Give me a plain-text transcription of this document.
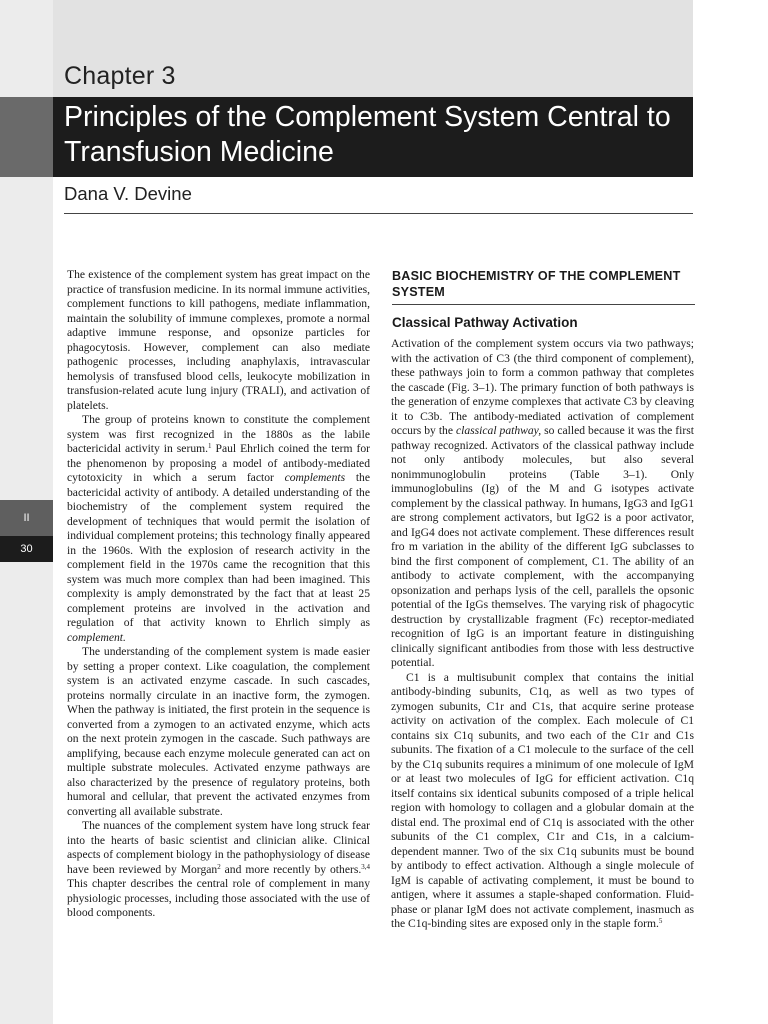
Chapter 3
Principles of the Complement System Central to Transfusion Medicine
Dana V. Devine
II
30

The existence of the complement system has great impact on the practice of transfusion medicine. In its normal immune activities, complement functions to kill pathogens, mediate inflammation, maintain the solubility of immune complexes, promote a normal adaptive immune response, and opsonize particles for phagocytosis. However, complement can also mediate pathogenic processes, including anaphylaxis, intravascular hemolysis of transfused blood cells, leukocyte mobilization in transfusion-related acute lung injury (TRALI), and activation of platelets.

The group of proteins known to constitute the complement system was first recognized in the 1880s as the labile bactericidal activity in serum.$^1$ Paul Ehrlich coined the term for the phenomenon by proposing a model of antibody-mediated cytotoxicity in which a serum factor complements the bactericidal activity of antibody. A detailed understanding of the biochemistry of the complement system required the development of techniques that would permit the isolation of individual complement proteins; this technology finally appeared in the 1960s. With the explosion of research activity in the complement field in the 1970s came the recognition that this system was much more complex than had been imagined. This complexity is amply demonstrated by the fact that at least 25 complement proteins are involved in the activation and regulation of that activity known to Ehrlich simply as complement.

The understanding of the complement system is made easier by setting a proper context. Like coagulation, the complement system is an activated enzyme cascade. In such cascades, proteins normally circulate in an inactive form, the zymogen. When the pathway is initiated, the first protein in the sequence is converted from a zymogen to an activated enzyme, which acts on the next protein zymogen in the cascade. Such pathways are amplifying, because each enzyme molecule generated can act on multiple substrate molecules. Activated enzyme pathways are also characterized by the presence of regulatory proteins, both humoral and cellular, that prevent the activated enzymes from converting all available substrate.

The nuances of the complement system have long struck fear into the hearts of basic scientist and clinician alike. Clinical aspects of complement biology in the pathophysiology of disease have been reviewed by Morgan$^2$ and more recently by others.$^{3,4}$ This chapter describes the central role of complement in many physiologic processes, including those associated with the use of blood components.

BASIC BIOCHEMISTRY OF THE COMPLEMENT SYSTEM
Classical Pathway Activation

Activation of the complement system occurs via two pathways; with the activation of C3 (the third component of complement), these pathways join to form a common pathway that completes the cascade (Fig. 3–1). The primary function of both pathways is the generation of enzyme complexes that activate C3 by cleaving it to C3b. The antibody-mediated activation of complement occurs by the classical pathway, so called because it was the first pathway recognized. Activators of the classical pathway include not only antibody molecules, but also several nonimmunoglobulin proteins (Table 3–1). Only immunoglobulins (Ig) of the M and G isotypes activate complement by the classical pathway. In humans, IgG3 and IgG1 are strong complement activators, but IgG2 is a poor activator, and IgG4 does not activate complement. These differences result fro m variation in the ability of the different IgG subclasses to bind the first component of complement, C1. The ability of an antibody to activate complement, with the accompanying opsonization and perhaps lysis of the cell, parallels the opsonic potential of the IgGs themselves. The varying risk of phagocytic destruction by crystallizable fragment (Fc) receptor-mediated recognition of IgG is an important feature in distinguishing clinically significant antibodies from those with less destructive potential.

C1 is a multisubunit complex that contains the initial antibody-binding subunits, C1q, as well as two types of zymogen subunits, C1r and C1s, that acquire serine protease activity on activation of the complex. Each molecule of C1 contains six C1q subunits, and two each of the C1r and C1s subunits. The fixation of a C1 molecule to the surface of the cell by the C1q subunits requires a minimum of one molecule of IgM or at least two molecules of IgG for efficient activation. C1q itself contains six identical subunits composed of a triple helical region with homology to collagen and a globular domain at the distal end. The proximal end of C1q is associated with the other subunits of the C1 complex, C1r and C1s, in a calcium-dependent manner. Two of the six C1q subunits must be bound by antibody to effect activation. Although a single molecule of IgM is capable of activating complement, it must be bound to antigen, where it assumes a staple-shaped conformation. Fluid-phase or planar IgM does not activate complement, inasmuch as the C1q-binding sites are exposed only in the staple form.$^5$
